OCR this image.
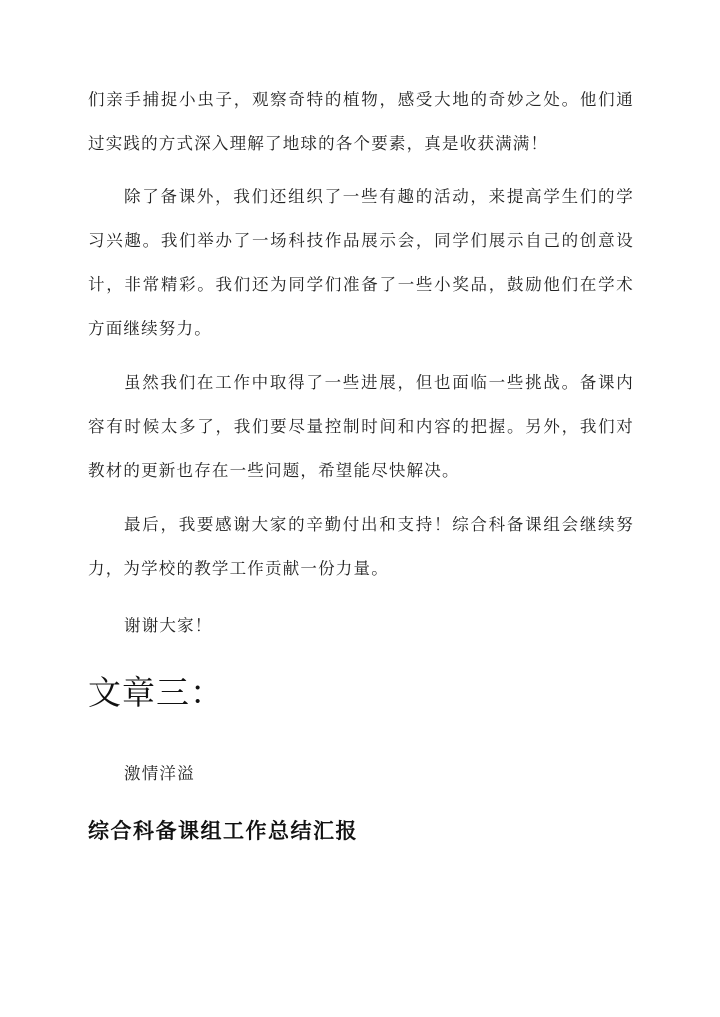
们亲手捕捉小虫子，观察奇特的植物，感受大地的奇妙之处。他们通过实践的方式深入理解了地球的各个要素，真是收获满满！

除了备课外，我们还组织了一些有趣的活动，来提高学生们的学习兴趣。我们举办了一场科技作品展示会，同学们展示自己的创意设计，非常精彩。我们还为同学们准备了一些小奖品，鼓励他们在学术方面继续努力。

虽然我们在工作中取得了一些进展，但也面临一些挑战。备课内容有时候太多了，我们要尽量控制时间和内容的把握。另外，我们对教材的更新也存在一些问题，希望能尽快解决。

最后，我要感谢大家的辛勤付出和支持！综合科备课组会继续努力，为学校的教学工作贡献一份力量。

谢谢大家！

文章三：

激情洋溢

综合科备课组工作总结汇报
